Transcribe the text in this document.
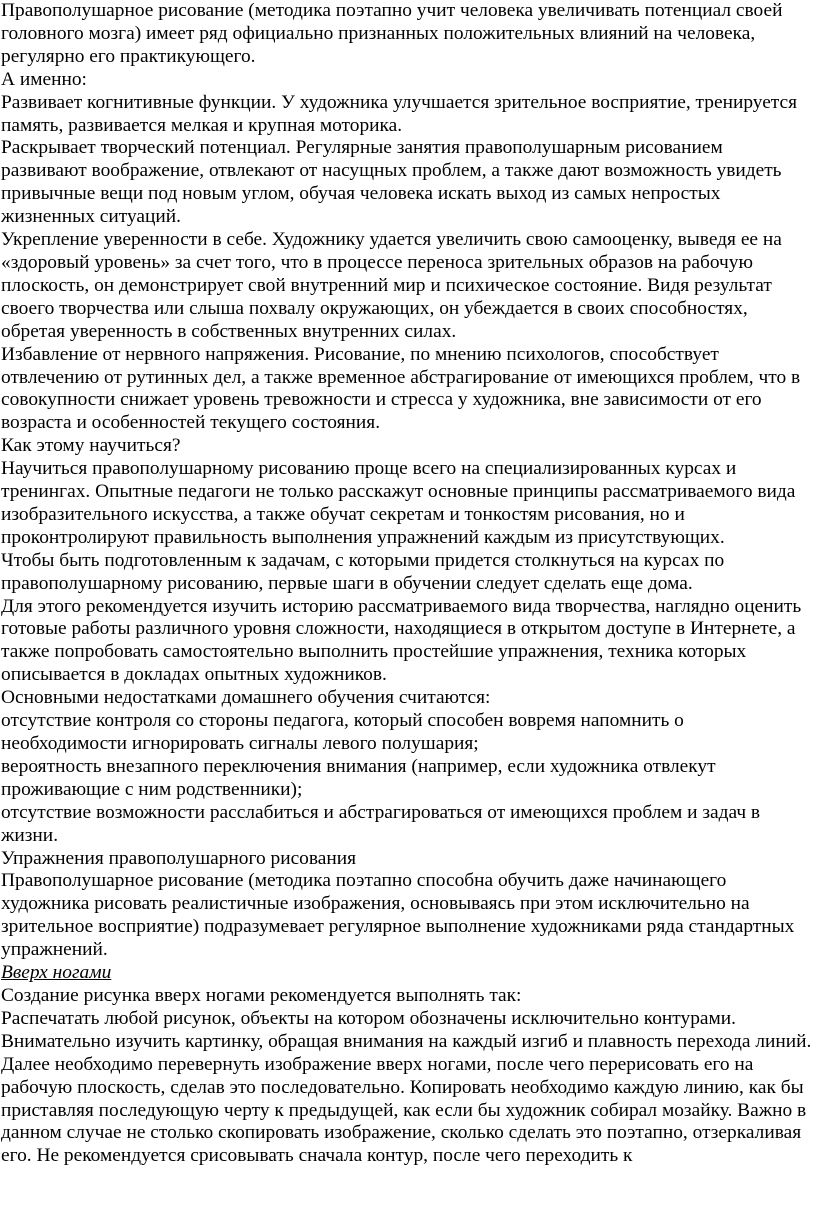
Правополушарное рисование (методика поэтапно учит человека увеличивать потенциал своей головного мозга) имеет ряд официально признанных положительных влияний на человека, регулярно его практикующего.

А именно:

Развивает когнитивные функции. У художника улучшается зрительное восприятие, тренируется память, развивается мелкая и крупная моторика.

Раскрывает творческий потенциал. Регулярные занятия правополушарным рисованием развивают воображение, отвлекают от насущных проблем, а также дают возможность увидеть привычные вещи под новым углом, обучая человека искать выход из самых непростых жизненных ситуаций.

Укрепление уверенности в себе. Художнику удается увеличить свою самооценку, выведя ее на «здоровый уровень» за счет того, что в процессе переноса зрительных образов на рабочую плоскость, он демонстрирует свой внутренний мир и психическое состояние. Видя результат своего творчества или слыша похвалу окружающих, он убеждается в своих способностях, обретая уверенность в собственных внутренних силах.

Избавление от нервного напряжения. Рисование, по мнению психологов, способствует отвлечению от рутинных дел, а также временное абстрагирование от имеющихся проблем, что в совокупности снижает уровень тревожности и стресса у художника, вне зависимости от его возраста и особенностей текущего состояния.

Как этому научиться?

Научиться правополушарному рисованию проще всего на специализированных курсах и тренингах. Опытные педагоги не только расскажут основные принципы рассматриваемого вида изобразительного искусства, а также обучат секретам и тонкостям рисования, но и проконтролируют правильность выполнения упражнений каждым из присутствующих.

Чтобы быть подготовленным к задачам, с которыми придется столкнуться на курсах по правополушарному рисованию, первые шаги в обучении следует сделать еще дома.

Для этого рекомендуется изучить историю рассматриваемого вида творчества, наглядно оценить готовые работы различного уровня сложности, находящиеся в открытом доступе в Интернете, а также попробовать самостоятельно выполнить простейшие упражнения, техника которых описывается в докладах опытных художников.

Основными недостатками домашнего обучения считаются:

отсутствие контроля со стороны педагога, который способен вовремя напомнить о необходимости игнорировать сигналы левого полушария;

вероятность внезапного переключения внимания (например, если художника отвлекут проживающие с ним родственники);

отсутствие возможности расслабиться и абстрагироваться от имеющихся проблем и задач в жизни.

Упражнения правополушарного рисования

Правополушарное рисование (методика поэтапно способна обучить даже начинающего художника рисовать реалистичные изображения, основываясь при этом исключительно на зрительное восприятие) подразумевает регулярное выполнение художниками ряда стандартных упражнений.

Вверх ногами

Создание рисунка вверх ногами рекомендуется выполнять так:

Распечатать любой рисунок, объекты на котором обозначены исключительно контурами. Внимательно изучить картинку, обращая внимания на каждый изгиб и плавность перехода линий.

Далее необходимо перевернуть изображение вверх ногами, после чего перерисовать его на рабочую плоскость, сделав это последовательно. Копировать необходимо каждую линию, как бы приставляя последующую черту к предыдущей, как если бы художник собирал мозайку. Важно в данном случае не столько скопировать изображение, сколько сделать это поэтапно, отзеркаливая его. Не рекомендуется срисовывать сначала контур, после чего переходить к
